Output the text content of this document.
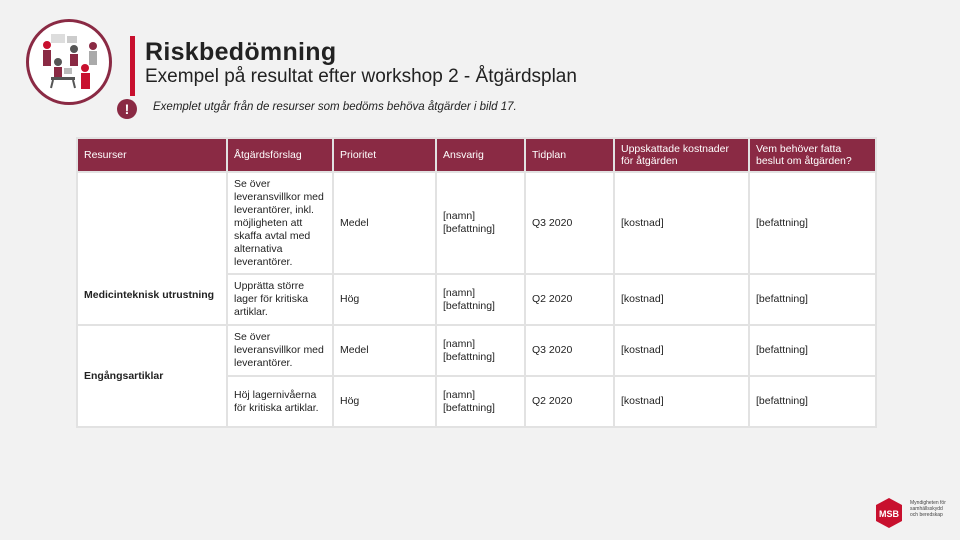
Riskbedömning
Exempel på resultat efter workshop 2 - Åtgärdsplan
!	Exemplet utgår från de resurser som bedöms behöva åtgärder i bild 17.
Resurser	Åtgärdsförslag	Prioritet	Ansvarig	Tidplan	Uppskattade kostnader för åtgärden	Vem behöver fatta beslut om åtgärden?
Medicinteknisk utrustning	Se över leveransvillkor med leverantörer, inkl. möjligheten att skaffa avtal med alternativa leverantörer.	Medel	[namn] [befattning]	Q3 2020	[kostnad]	[befattning]
	Upprätta större lager för kritiska artiklar.	Hög	[namn] [befattning]	Q2 2020	[kostnad]	[befattning]
Engångsartiklar	Se över leveransvillkor med leverantörer.	Medel	[namn] [befattning]	Q3 2020	[kostnad]	[befattning]
	Höj lagernivåerna för kritiska artiklar.	Hög	[namn] [befattning]	Q2 2020	[kostnad]	[befattning]
MSB
Myndigheten för samhällsskydd och beredskap
